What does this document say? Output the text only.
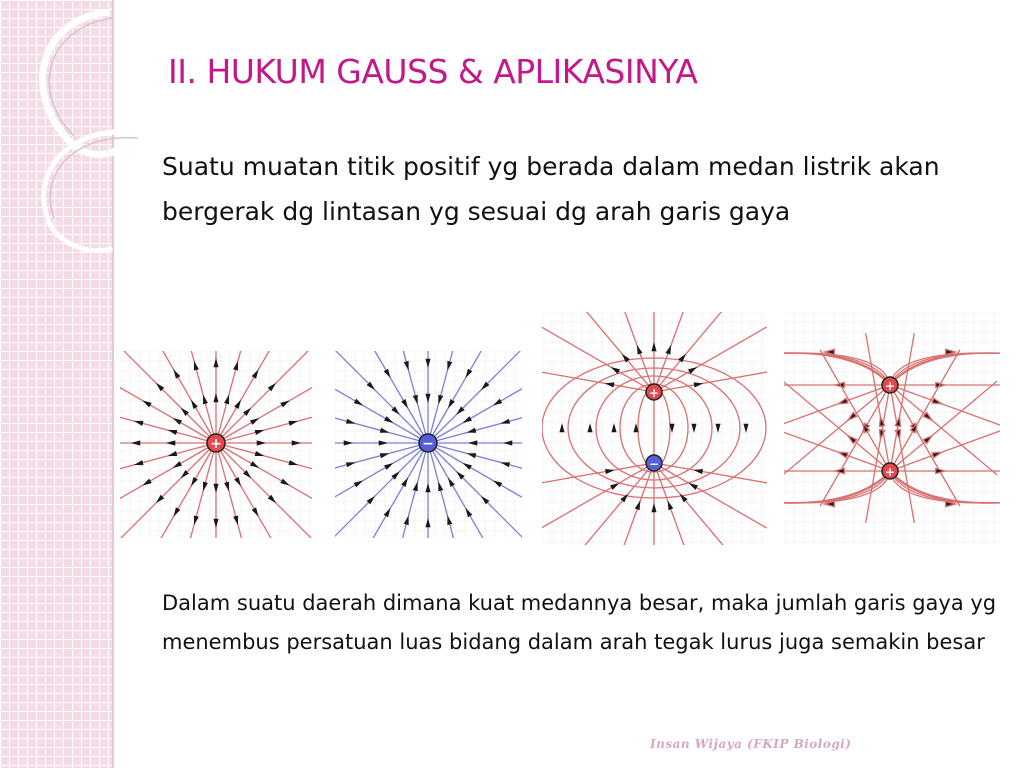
II. HUKUM GAUSS & APLIKASINYA

Suatu muatan titik positif yg berada dalam medan listrik akan bergerak dg lintasan yg sesuai dg arah garis gaya

+	−
+
−
+
+

Dalam suatu daerah dimana kuat medannya besar, maka jumlah garis gaya yg menembus persatuan luas bidang dalam arah tegak lurus juga semakin besar

Insan Wijaya (FKIP Biologi)
